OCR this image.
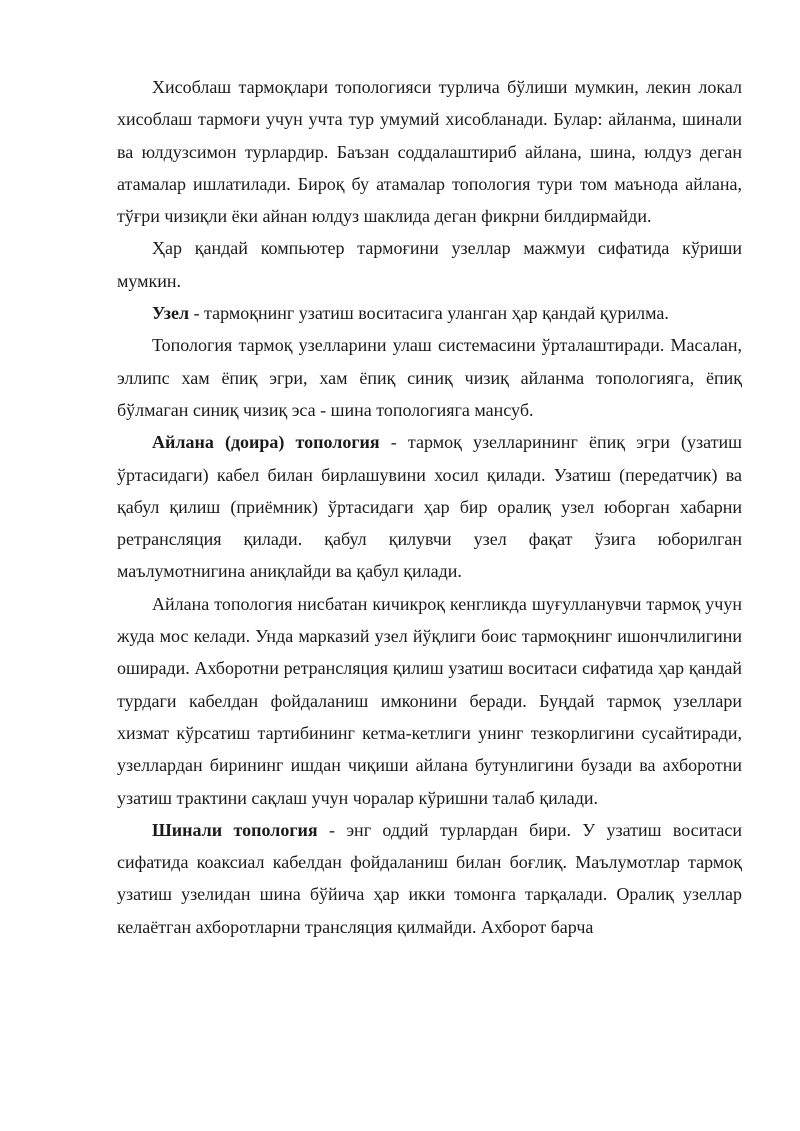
Хисоблаш тармоқлари топологияси турлича бўлиши мумкин, лекин локал хисоблаш тармоғи учун учта тур умумий хисобланади. Булар: айланма, шинали ва юлдузсимон турлардир. Баъзан соддалаштириб айлана, шина, юлдуз деган атамалар ишлатилади. Бироқ бу атамалар топология тури том маънода айлана, тўғри чизиқли ёки айнан юлдуз шаклида деган фикрни билдирмайди.

Ҳар қандай компьютер тармоғини узеллар мажмуи сифатида кўриши мумкин.

Узел - тармоқнинг узатиш воситасига уланган ҳар қандай қурилма.

Топология тармоқ узелларини улаш системасини ўрталаштиради. Масалан, эллипс хам ёпиқ эгри, хам ёпиқ синиқ чизиқ айланма топологияга, ёпиқ бўлмаган синиқ чизиқ эса - шина топологияга мансуб.

Айлана (доира) топология - тармоқ узелларининг ёпиқ эгри (узатиш ўртасидаги) кабел билан бирлашувини хосил қилади. Узатиш (передатчик) ва қабул қилиш (приёмник) ўртасидаги ҳар бир оралиқ узел юборган хабарни ретрансляция қилади. қабул қилувчи узел фақат ўзига юборилган маълумотнигина аниқлайди ва қабул қилади.

Айлана топология нисбатан кичикроқ кенгликда шуғулланувчи тармоқ учун жуда мос келади. Унда марказий узел йўқлиги боис тармоқнинг ишончлилигини оширади. Ахборотни ретрансляция қилиш узатиш воситаси сифатида ҳар қандай турдаги кабелдан фойдаланиш имконини беради. Буңдай тармоқ узеллари хизмат кўрсатиш тартибининг кетма-кетлиги унинг тезкорлигини сусайтиради, узеллардан бирининг ишдан чиқиши айлана бутунлигини бузади ва ахборотни узатиш трактини сақлаш учун чоралар кўришни талаб қилади.

Шинали топология - энг оддий турлардан бири. У узатиш воситаси сифатида коаксиал кабелдан фойдаланиш билан боғлиқ. Маълумотлар тармоқ узатиш узелидан шина бўйича ҳар икки томонга тарқалади. Оралиқ узеллар келаётган ахборотларни трансляция қилмайди. Ахборот барча
